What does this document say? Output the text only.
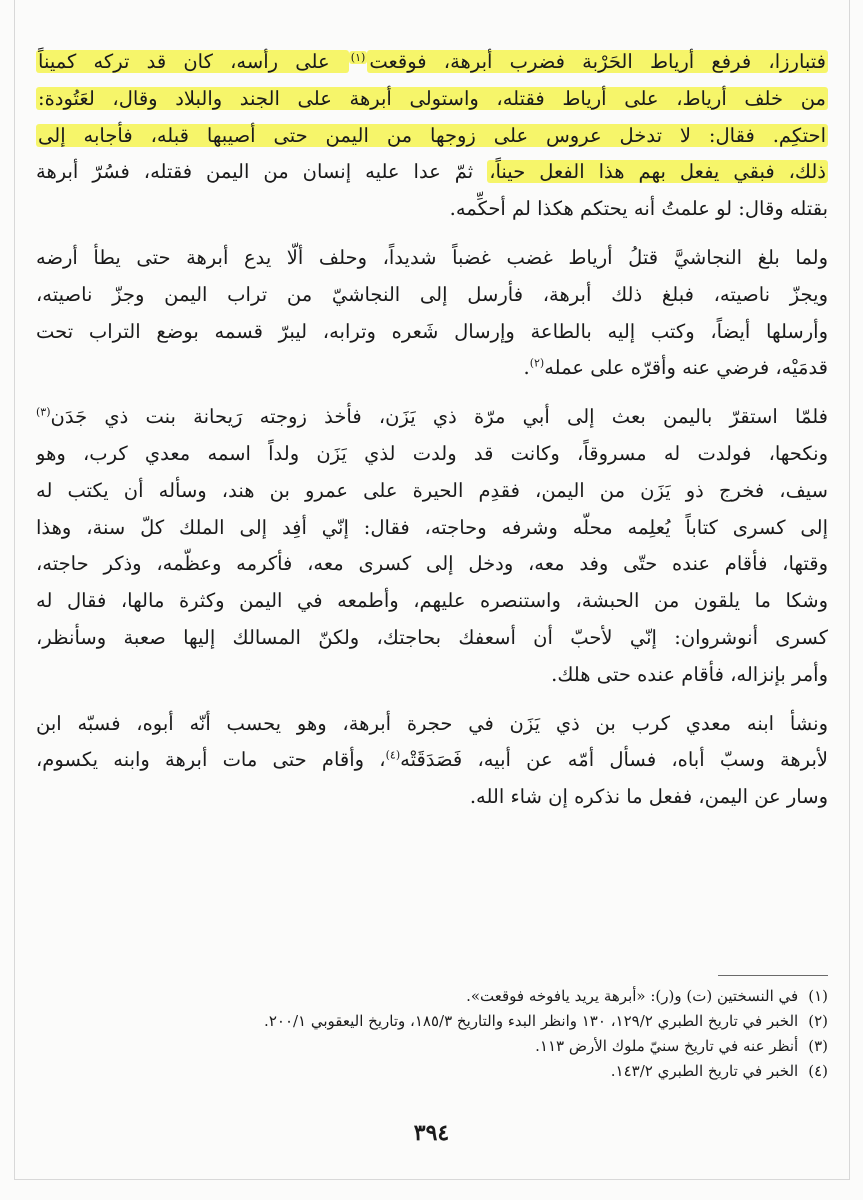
فتبارزا، فرفع أرياط الحَرْبة فضرب أبرهة، فوقعت$^{(١)}$ على رأسه، كان قد تركه كميناً
من خلف أرياط، على أرياط فقتله، واستولى أبرهة على الجند والبلاد وقال، لعَتُودة:
احتكِم. فقال: لا تدخل عروس على زوجها من اليمن حتى أصيبها قبله، فأجابه إلى
ذلك، فبقي يفعل بهم هذا الفعل حيناً، ثمّ عدا عليه إنسان من اليمن فقتله، فسُرّ أبرهة
بقتله وقال: لو علمتُ أنه يحتكم هكذا لم أحكِّمه.
ولما بلغ النجاشيَّ قتلُ أرياط غضب غضباً شديداً، وحلف ألّا يدع أبرهة حتى يطأ أرضه
ويجزّ ناصيته، فبلغ ذلك أبرهة، فأرسل إلى النجاشيّ من تراب اليمن وجزّ ناصيته،
وأرسلها أيضاً، وكتب إليه بالطاعة وإرسال شَعره وترابه، ليبرّ قسمه بوضع التراب تحت
قدمَيْه، فرضي عنه وأقرّه على عمله$^{(٢)}$.
فلمّا استقرّ باليمن بعث إلى أبي مرّة ذي يَزَن، فأخذ زوجته رَيحانة بنت ذي جَدَن$^{(٣)}$
ونكحها، فولدت له مسروقاً، وكانت قد ولدت لذي يَزَن ولداً اسمه معدي كرب، وهو
سيف، فخرج ذو يَزَن من اليمن، فقدِم الحيرة على عمرو بن هند، وسأله أن يكتب له
إلى كسرى كتاباً يُعلِمه محلّه وشرفه وحاجته، فقال: إنّي أفِد إلى الملك كلّ سنة، وهذا
وقتها، فأقام عنده حتّى وفد معه، ودخل إلى كسرى معه، فأكرمه وعظّمه، وذكر حاجته،
وشكا ما يلقون من الحبشة، واستنصره عليهم، وأطمعه في اليمن وكثرة مالها، فقال له
كسرى أنوشروان: إنّي لأحبّ أن أسعفك بحاجتك، ولكنّ المسالك إليها صعبة وسأنظر،
وأمر بإنزاله، فأقام عنده حتى هلك.
ونشأ ابنه معدي كرب بن ذي يَزَن في حجرة أبرهة، وهو يحسب أنّه أبوه، فسبّه ابن
لأبرهة وسبّ أباه، فسأل أمّه عن أبيه، فَصَدَقَتْه$^{(٤)}$، وأقام حتى مات أبرهة وابنه يكسوم،
وسار عن اليمن، ففعل ما نذكره إن شاء الله.
(١)في النسختين (ت) و(ر): «أبرهة يريد يافوخه فوقعت».
(٢)الخبر في تاريخ الطبري ١٢٩/٢، ١٣٠ وانظر البدء والتاريخ ١٨٥/٣، وتاريخ اليعقوبي ٢٠٠/١.
(٣)أنظر عنه في تاريخ سنيّ ملوك الأرض ١١٣.
(٤)الخبر في تاريخ الطبري ١٤٣/٢.
٣٩٤
